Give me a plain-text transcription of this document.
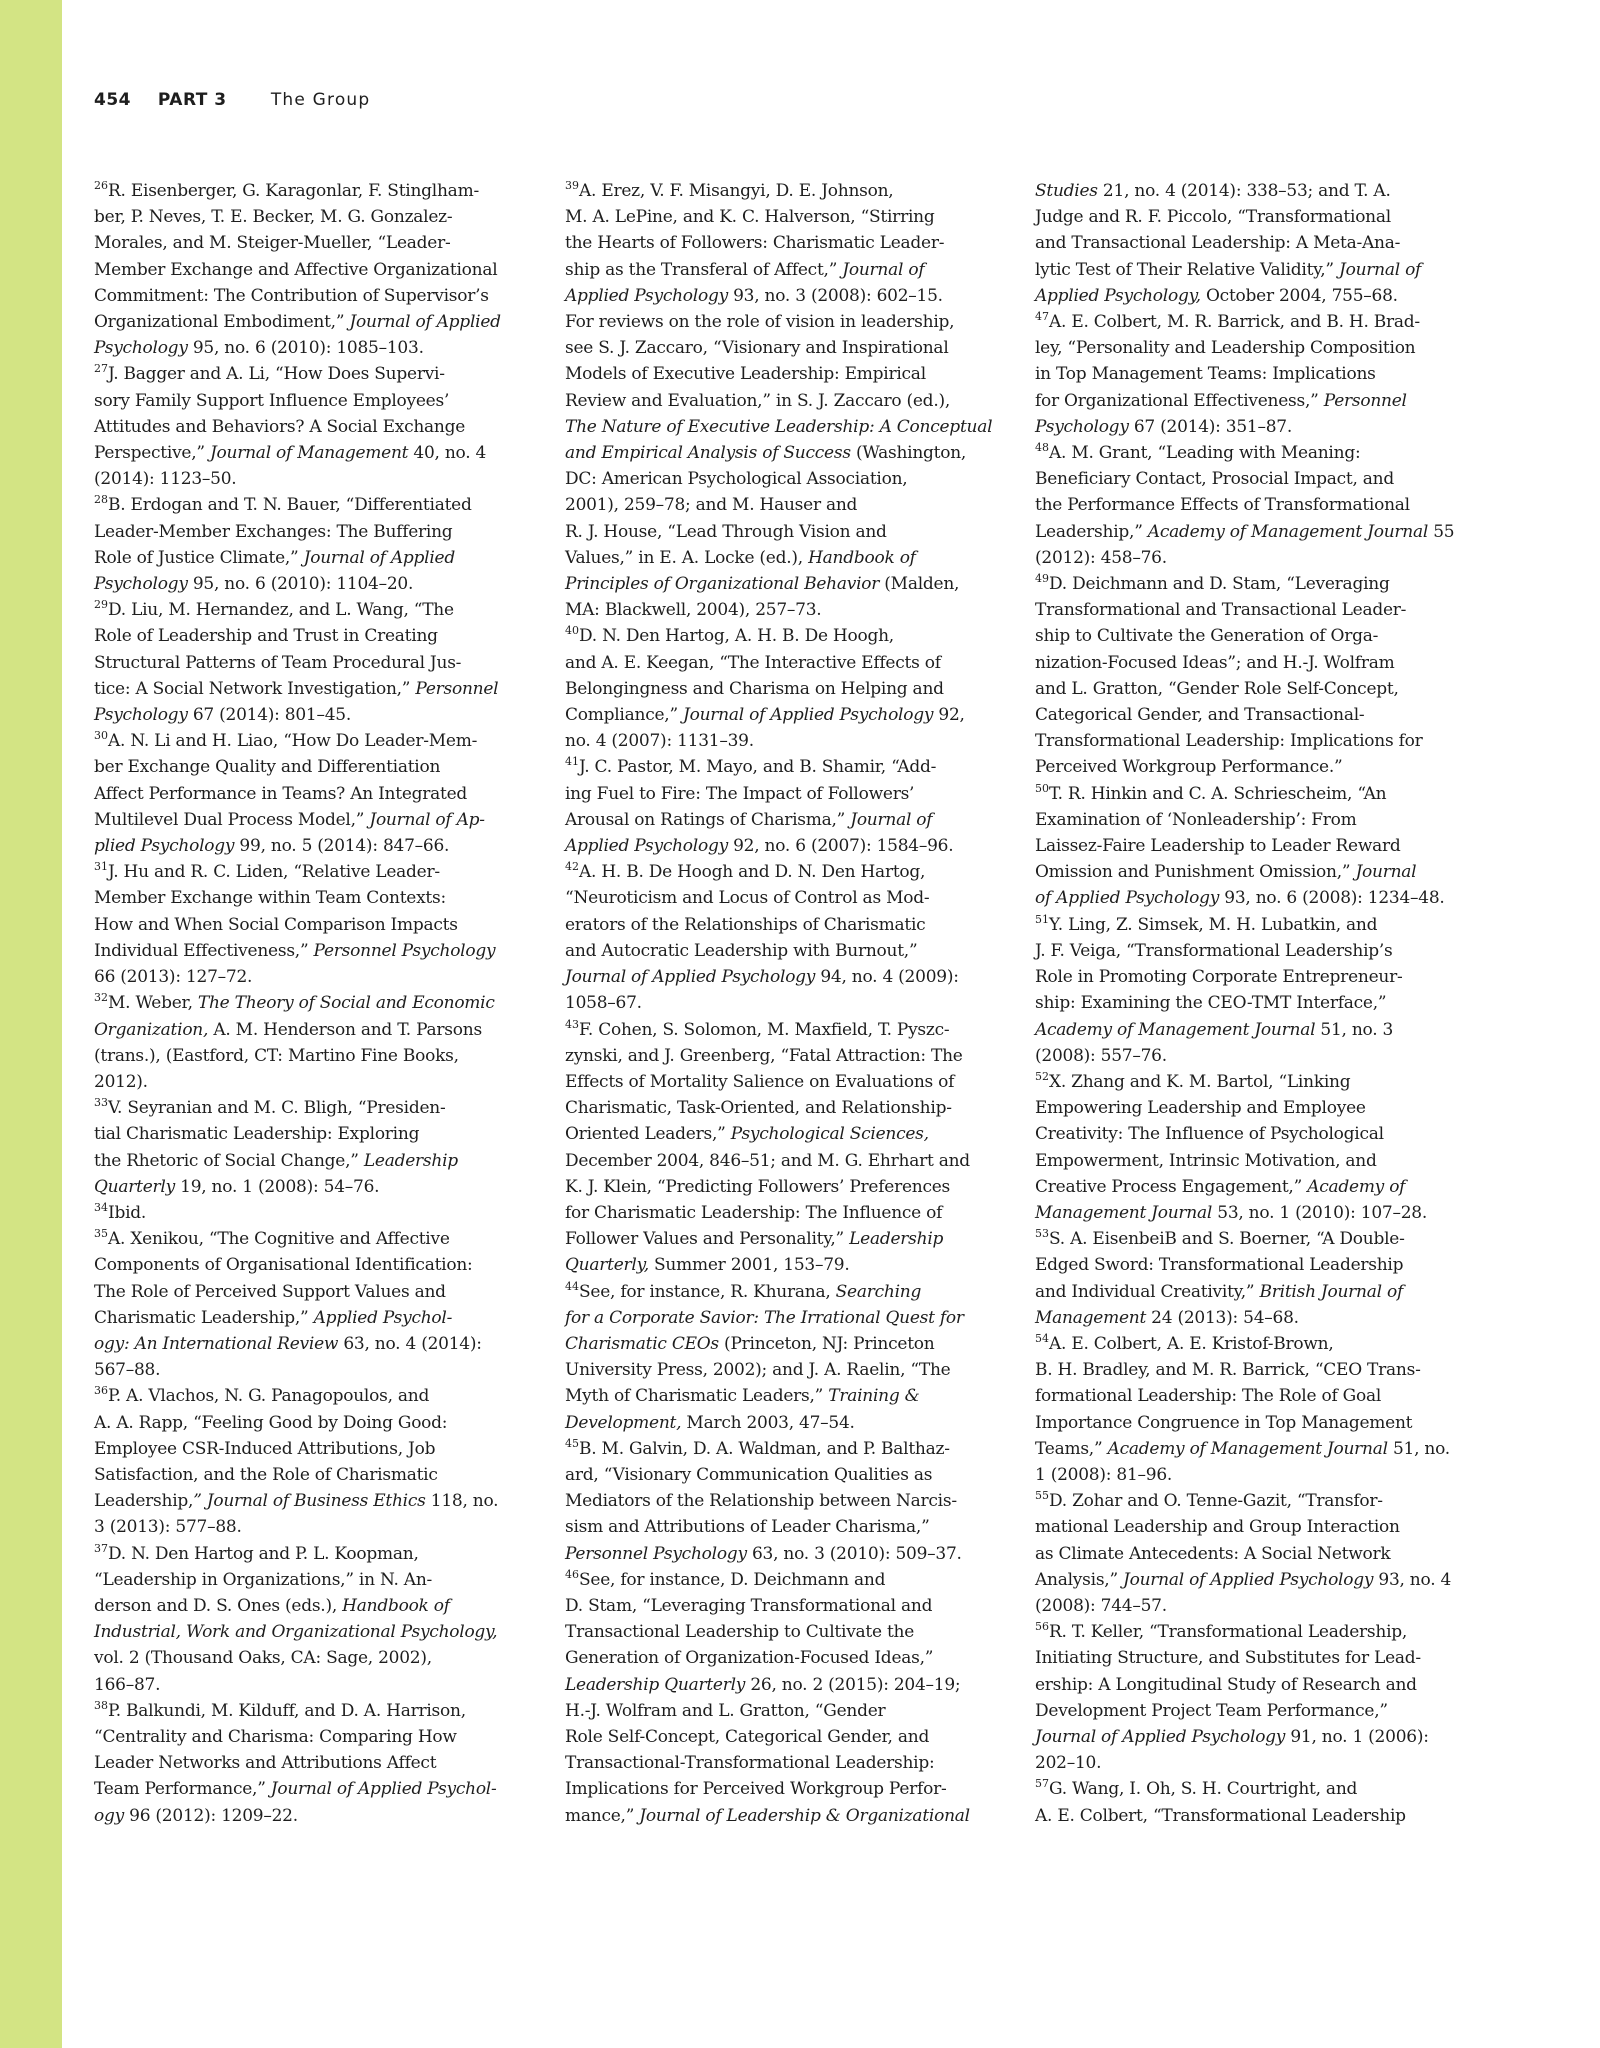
454 PART 3	The Group
$^{26}$R. Eisenberger, G. Karagonlar, F. Stinglham-
ber, P. Neves, T. E. Becker, M. G. Gonzalez-
Morales, and M. Steiger-Mueller, “Leader-
Member Exchange and Affective Organizational
Commitment: The Contribution of Supervisor’s
Organizational Embodiment,” Journal of Applied
Psychology 95, no. 6 (2010): 1085–103.
$^{27}$J. Bagger and A. Li, “How Does Supervi-
sory Family Support Influence Employees’
Attitudes and Behaviors? A Social Exchange
Perspective,” Journal of Management 40, no. 4
(2014): 1123–50.
$^{28}$B. Erdogan and T. N. Bauer, “Differentiated
Leader-Member Exchanges: The Buffering
Role of Justice Climate,” Journal of Applied
Psychology 95, no. 6 (2010): 1104–20.
$^{29}$D. Liu, M. Hernandez, and L. Wang, “The
Role of Leadership and Trust in Creating
Structural Patterns of Team Procedural Jus-
tice: A Social Network Investigation,” Personnel
Psychology 67 (2014): 801–45.
$^{30}$A. N. Li and H. Liao, “How Do Leader-Mem-
ber Exchange Quality and Differentiation
Affect Performance in Teams? An Integrated
Multilevel Dual Process Model,” Journal of Ap-
plied Psychology 99, no. 5 (2014): 847–66.
$^{31}$J. Hu and R. C. Liden, “Relative Leader-
Member Exchange within Team Contexts:
How and When Social Comparison Impacts
Individual Effectiveness,” Personnel Psychology
66 (2013): 127–72.
$^{32}$M. Weber, The Theory of Social and Economic
Organization, A. M. Henderson and T. Parsons
(trans.), (Eastford, CT: Martino Fine Books,
2012).
$^{33}$V. Seyranian and M. C. Bligh, “Presiden-
tial Charismatic Leadership: Exploring
the Rhetoric of Social Change,” Leadership
Quarterly 19, no. 1 (2008): 54–76.
$^{34}$Ibid.
$^{35}$A. Xenikou, “The Cognitive and Affective
Components of Organisational Identification:
The Role of Perceived Support Values and
Charismatic Leadership,” Applied Psychol-
ogy: An International Review 63, no. 4 (2014):
567–88.
$^{36}$P. A. Vlachos, N. G. Panagopoulos, and
A. A. Rapp, “Feeling Good by Doing Good:
Employee CSR-Induced Attributions, Job
Satisfaction, and the Role of Charismatic
Leadership,” Journal of Business Ethics 118, no.
3 (2013): 577–88.
$^{37}$D. N. Den Hartog and P. L. Koopman,
“Leadership in Organizations,” in N. An-
derson and D. S. Ones (eds.), Handbook of
Industrial, Work and Organizational Psychology,
vol. 2 (Thousand Oaks, CA: Sage, 2002),
166–87.
$^{38}$P. Balkundi, M. Kilduff, and D. A. Harrison,
“Centrality and Charisma: Comparing How
Leader Networks and Attributions Affect
Team Performance,” Journal of Applied Psychol-
ogy 96 (2012): 1209–22.
$^{39}$A. Erez, V. F. Misangyi, D. E. Johnson,
M. A. LePine, and K. C. Halverson, “Stirring
the Hearts of Followers: Charismatic Leader-
ship as the Transferal of Affect,” Journal of
Applied Psychology 93, no. 3 (2008): 602–15.
For reviews on the role of vision in leadership,
see S. J. Zaccaro, “Visionary and Inspirational
Models of Executive Leadership: Empirical
Review and Evaluation,” in S. J. Zaccaro (ed.),
The Nature of Executive Leadership: A Conceptual
and Empirical Analysis of Success (Washington,
DC: American Psychological Association,
2001), 259–78; and M. Hauser and
R. J. House, “Lead Through Vision and
Values,” in E. A. Locke (ed.), Handbook of
Principles of Organizational Behavior (Malden,
MA: Blackwell, 2004), 257–73.
$^{40}$D. N. Den Hartog, A. H. B. De Hoogh,
and A. E. Keegan, “The Interactive Effects of
Belongingness and Charisma on Helping and
Compliance,” Journal of Applied Psychology 92,
no. 4 (2007): 1131–39.
$^{41}$J. C. Pastor, M. Mayo, and B. Shamir, “Add-
ing Fuel to Fire: The Impact of Followers’
Arousal on Ratings of Charisma,” Journal of
Applied Psychology 92, no. 6 (2007): 1584–96.
$^{42}$A. H. B. De Hoogh and D. N. Den Hartog,
“Neuroticism and Locus of Control as Mod-
erators of the Relationships of Charismatic
and Autocratic Leadership with Burnout,”
Journal of Applied Psychology 94, no. 4 (2009):
1058–67.
$^{43}$F. Cohen, S. Solomon, M. Maxfield, T. Pyszc-
zynski, and J. Greenberg, “Fatal Attraction: The
Effects of Mortality Salience on Evaluations of
Charismatic, Task-Oriented, and Relationship-
Oriented Leaders,” Psychological Sciences,
December 2004, 846–51; and M. G. Ehrhart and
K. J. Klein, “Predicting Followers’ Preferences
for Charismatic Leadership: The Influence of
Follower Values and Personality,” Leadership
Quarterly, Summer 2001, 153–79.
$^{44}$See, for instance, R. Khurana, Searching
for a Corporate Savior: The Irrational Quest for
Charismatic CEOs (Princeton, NJ: Princeton
University Press, 2002); and J. A. Raelin, “The
Myth of Charismatic Leaders,” Training &
Development, March 2003, 47–54.
$^{45}$B. M. Galvin, D. A. Waldman, and P. Balthaz-
ard, “Visionary Communication Qualities as
Mediators of the Relationship between Narcis-
sism and Attributions of Leader Charisma,”
Personnel Psychology 63, no. 3 (2010): 509–37.
$^{46}$See, for instance, D. Deichmann and
D. Stam, “Leveraging Transformational and
Transactional Leadership to Cultivate the
Generation of Organization-Focused Ideas,”
Leadership Quarterly 26, no. 2 (2015): 204–19;
H.-J. Wolfram and L. Gratton, “Gender
Role Self-Concept, Categorical Gender, and
Transactional-Transformational Leadership:
Implications for Perceived Workgroup Perfor-
mance,” Journal of Leadership & Organizational
Studies 21, no. 4 (2014): 338–53; and T. A.
Judge and R. F. Piccolo, “Transformational
and Transactional Leadership: A Meta-Ana-
lytic Test of Their Relative Validity,” Journal of
Applied Psychology, October 2004, 755–68.
$^{47}$A. E. Colbert, M. R. Barrick, and B. H. Brad-
ley, “Personality and Leadership Composition
in Top Management Teams: Implications
for Organizational Effectiveness,” Personnel
Psychology 67 (2014): 351–87.
$^{48}$A. M. Grant, “Leading with Meaning:
Beneficiary Contact, Prosocial Impact, and
the Performance Effects of Transformational
Leadership,” Academy of Management Journal 55
(2012): 458–76.
$^{49}$D. Deichmann and D. Stam, “Leveraging
Transformational and Transactional Leader-
ship to Cultivate the Generation of Orga-
nization-Focused Ideas”; and H.-J. Wolfram
and L. Gratton, “Gender Role Self-Concept,
Categorical Gender, and Transactional-
Transformational Leadership: Implications for
Perceived Workgroup Performance.”
$^{50}$T. R. Hinkin and C. A. Schriescheim, “An
Examination of ‘Nonleadership’: From
Laissez-Faire Leadership to Leader Reward
Omission and Punishment Omission,” Journal
of Applied Psychology 93, no. 6 (2008): 1234–48.
$^{51}$Y. Ling, Z. Simsek, M. H. Lubatkin, and
J. F. Veiga, “Transformational Leadership’s
Role in Promoting Corporate Entrepreneur-
ship: Examining the CEO-TMT Interface,”
Academy of Management Journal 51, no. 3
(2008): 557–76.
$^{52}$X. Zhang and K. M. Bartol, “Linking
Empowering Leadership and Employee
Creativity: The Influence of Psychological
Empowerment, Intrinsic Motivation, and
Creative Process Engagement,” Academy of
Management Journal 53, no. 1 (2010): 107–28.
$^{53}$S. A. EisenbeiB and S. Boerner, “A Double-
Edged Sword: Transformational Leadership
and Individual Creativity,” British Journal of
Management 24 (2013): 54–68.
$^{54}$A. E. Colbert, A. E. Kristof-Brown,
B. H. Bradley, and M. R. Barrick, “CEO Trans-
formational Leadership: The Role of Goal
Importance Congruence in Top Management
Teams,” Academy of Management Journal 51, no.
1 (2008): 81–96.
$^{55}$D. Zohar and O. Tenne-Gazit, “Transfor-
mational Leadership and Group Interaction
as Climate Antecedents: A Social Network
Analysis,” Journal of Applied Psychology 93, no. 4
(2008): 744–57.
$^{56}$R. T. Keller, “Transformational Leadership,
Initiating Structure, and Substitutes for Lead-
ership: A Longitudinal Study of Research and
Development Project Team Performance,”
Journal of Applied Psychology 91, no. 1 (2006):
202–10.
$^{57}$G. Wang, I. Oh, S. H. Courtright, and
A. E. Colbert, “Transformational Leadership
